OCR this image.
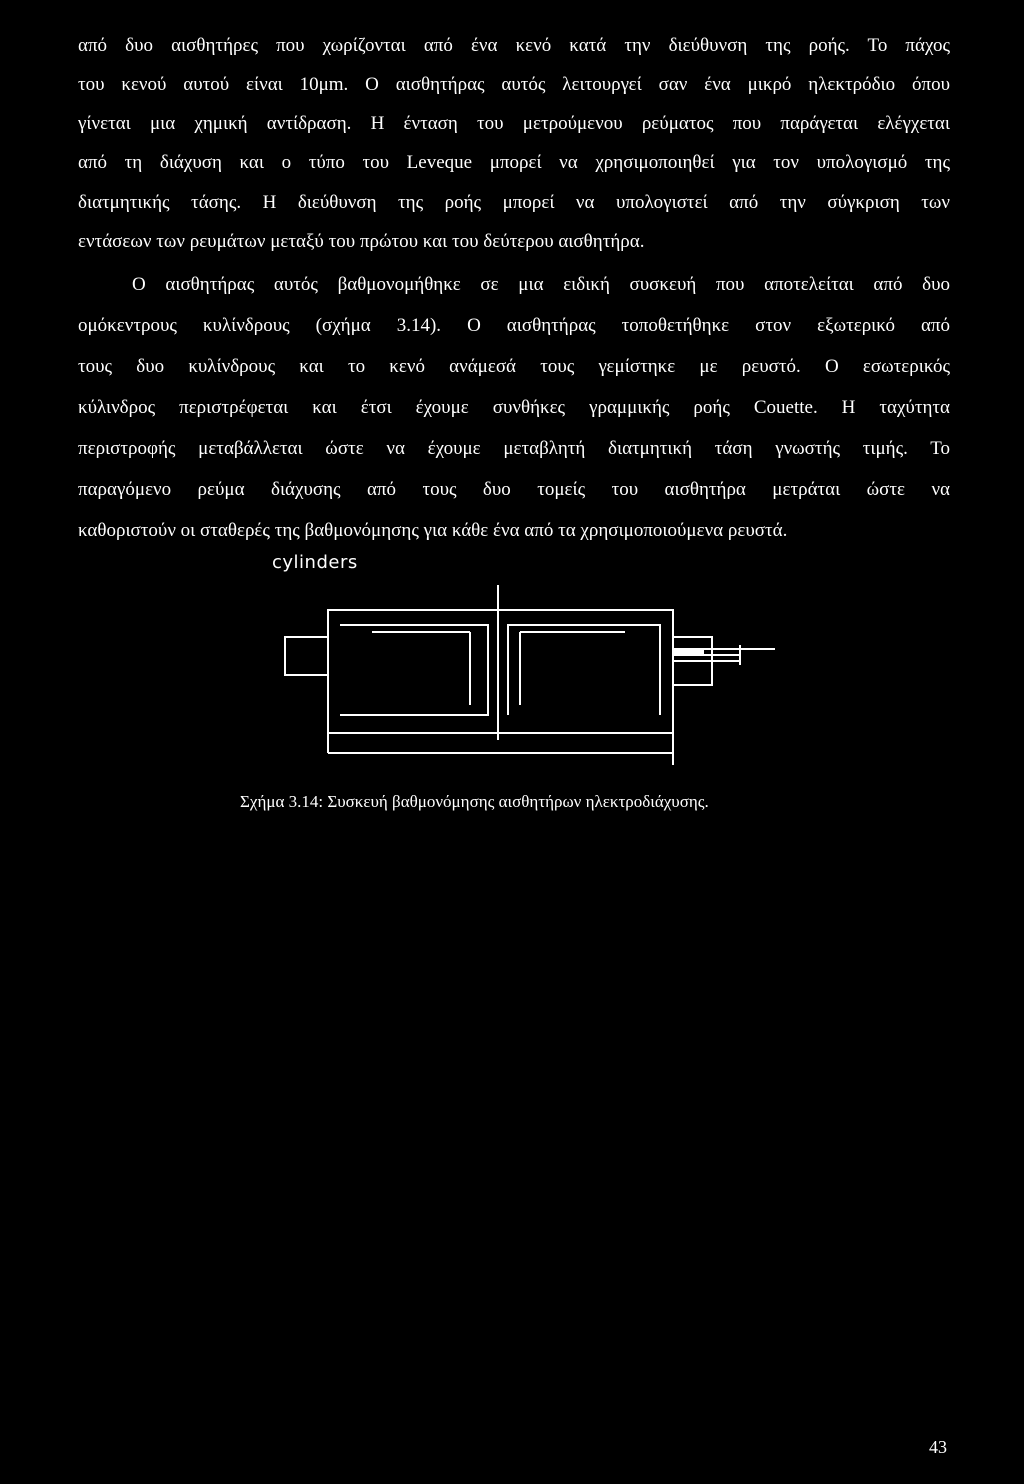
από δυο αισθητήρες που χωρίζονται από ένα κενό κατά την διεύθυνση της ροής. Το πάχος
του κενού αυτού είναι 10μm. Ο αισθητήρας αυτός λειτουργεί σαν ένα μικρό ηλεκτρόδιο όπου
γίνεται μια χημική αντίδραση. Η ένταση του μετρούμενου ρεύματος που παράγεται ελέγχεται
από τη διάχυση και ο τύπο του Leveque μπορεί να χρησιμοποιηθεί για τον υπολογισμό της
διατμητικής τάσης. Η διεύθυνση της ροής μπορεί να υπολογιστεί από την σύγκριση των
εντάσεων των ρευμάτων μεταξύ του πρώτου και του δεύτερου αισθητήρα.
Ο αισθητήρας αυτός βαθμονομήθηκε σε μια ειδική συσκευή που αποτελείται από δυο
ομόκεντρους κυλίνδρους (σχήμα 3.14). Ο αισθητήρας τοποθετήθηκε στον εξωτερικό από
τους δυο κυλίνδρους και το κενό ανάμεσά τους γεμίστηκε με ρευστό. Ο εσωτερικός
κύλινδρος περιστρέφεται και έτσι έχουμε συνθήκες γραμμικής ροής Couette. Η ταχύτητα
περιστροφής μεταβάλλεται ώστε να έχουμε μεταβλητή διατμητική τάση γνωστής τιμής. Το
παραγόμενο ρεύμα διάχυσης από τους δυο τομείς του αισθητήρα μετράται ώστε να
καθοριστούν οι σταθερές της βαθμονόμησης για κάθε ένα από τα χρησιμοποιούμενα ρευστά.
cylinders
Σχήμα 3.14: Συσκευή βαθμονόμησης αισθητήρων ηλεκτροδιάχυσης.
43
